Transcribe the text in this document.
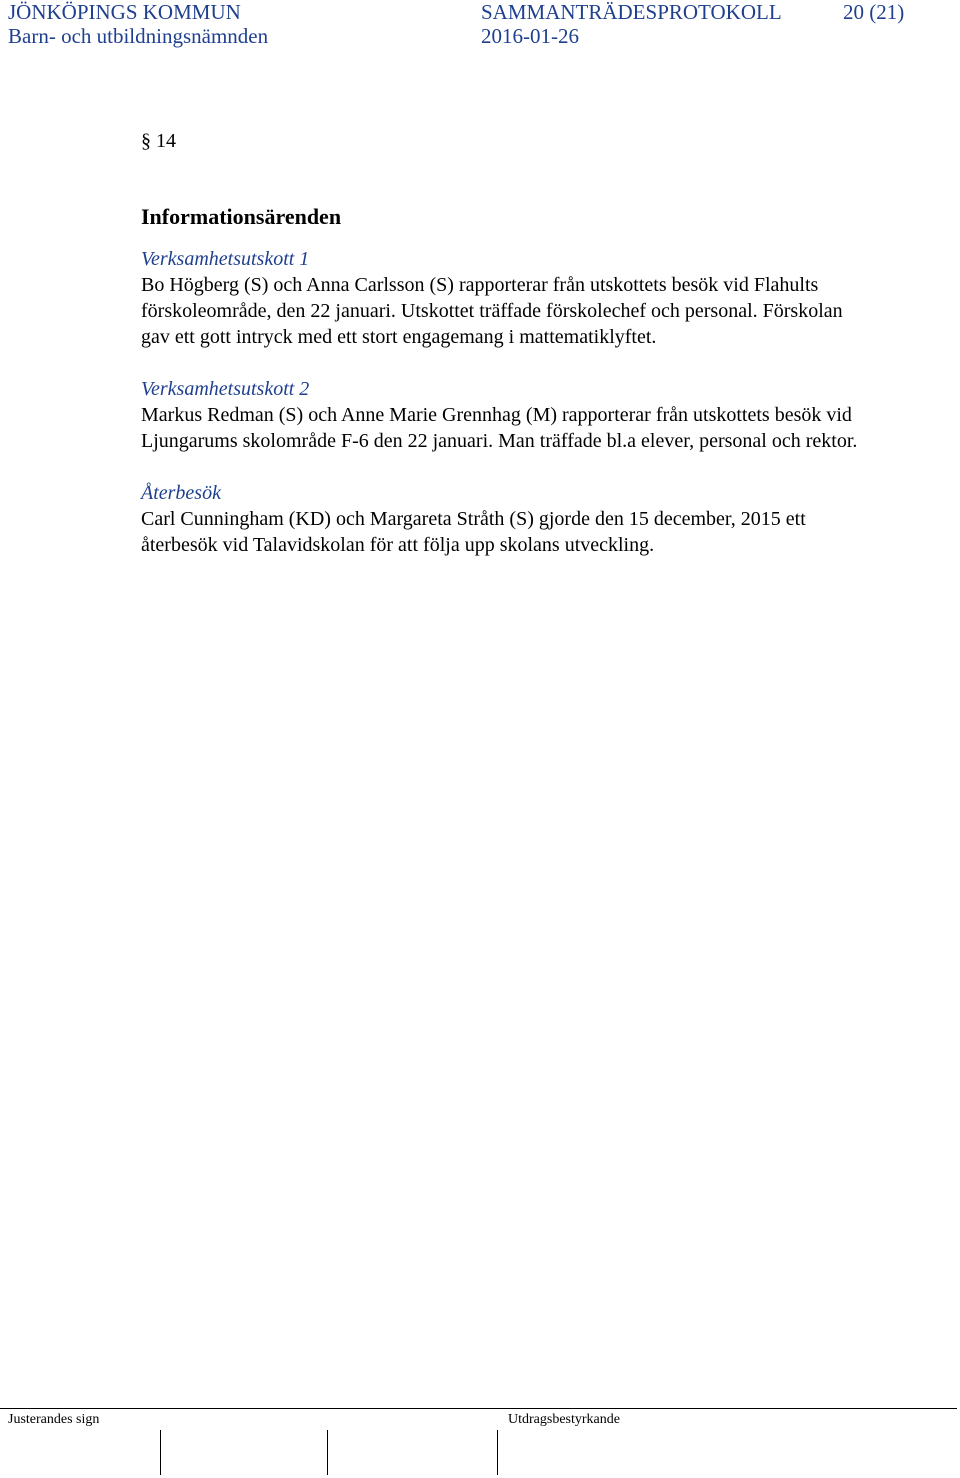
JÖNKÖPINGS KOMMUN
Barn- och utbildningsnämnden
SAMMANTRÄDESPROTOKOLL
2016-01-26
20 (21)
§ 14
Informationsärenden

Verksamhetsutskott 1

Bo Högberg (S) och Anna Carlsson (S) rapporterar från utskottets besök vid Flahults förskoleområde, den 22 januari. Utskottet träffade förskolechef och personal. Förskolan gav ett gott intryck med ett stort engagemang i mattematiklyftet.

Verksamhetsutskott 2

Markus Redman (S) och Anne Marie Grennhag (M) rapporterar från utskottets besök vid Ljungarums skolområde F-6 den 22 januari. Man träffade bl.a elever, personal och rektor.

Återbesök

Carl Cunningham (KD) och Margareta Stråth (S) gjorde den 15 december, 2015 ett återbesök vid Talavidskolan för att följa upp skolans utveckling.

Justerandes sign	Utdragsbestyrkande
